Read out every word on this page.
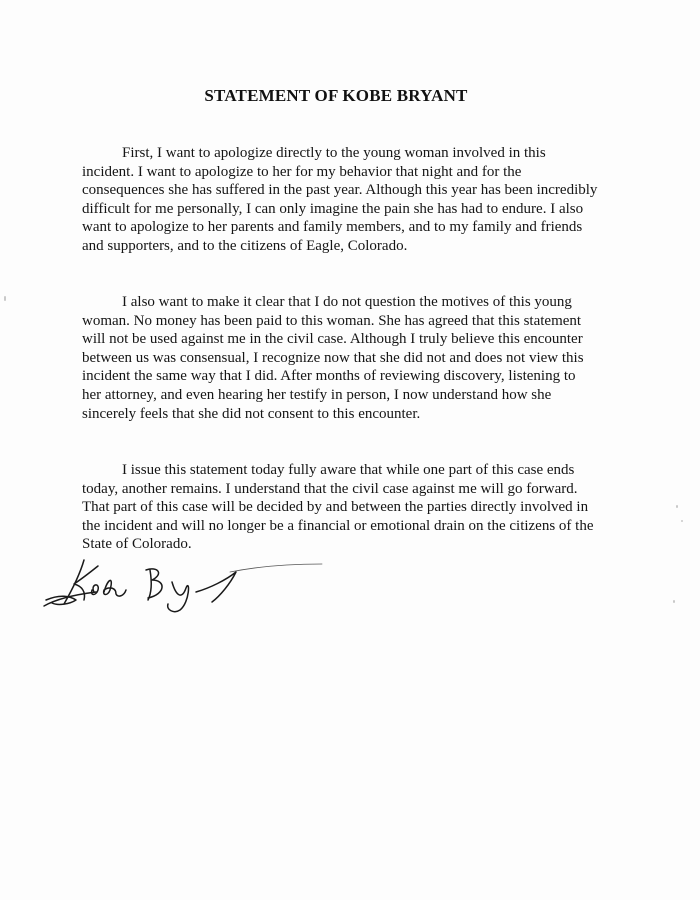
STATEMENT OF KOBE BRYANT

First, I want to apologize directly to the young woman involved in this incident. I want to apologize to her for my behavior that night and for the consequences she has suffered in the past year. Although this year has been incredibly difficult for me personally, I can only imagine the pain she has had to endure. I also want to apologize to her parents and family members, and to my family and friends and supporters, and to the citizens of Eagle, Colorado.

I also want to make it clear that I do not question the motives of this young woman. No money has been paid to this woman. She has agreed that this statement will not be used against me in the civil case. Although I truly believe this encounter between us was consensual, I recognize now that she did not and does not view this incident the same way that I did. After months of reviewing discovery, listening to her attorney, and even hearing her testify in person, I now understand how she sincerely feels that she did not consent to this encounter.

I issue this statement today fully aware that while one part of this case ends today, another remains. I understand that the civil case against me will go forward. That part of this case will be decided by and between the parties directly involved in the incident and will no longer be a financial or emotional drain on the citizens of the State of Colorado.
